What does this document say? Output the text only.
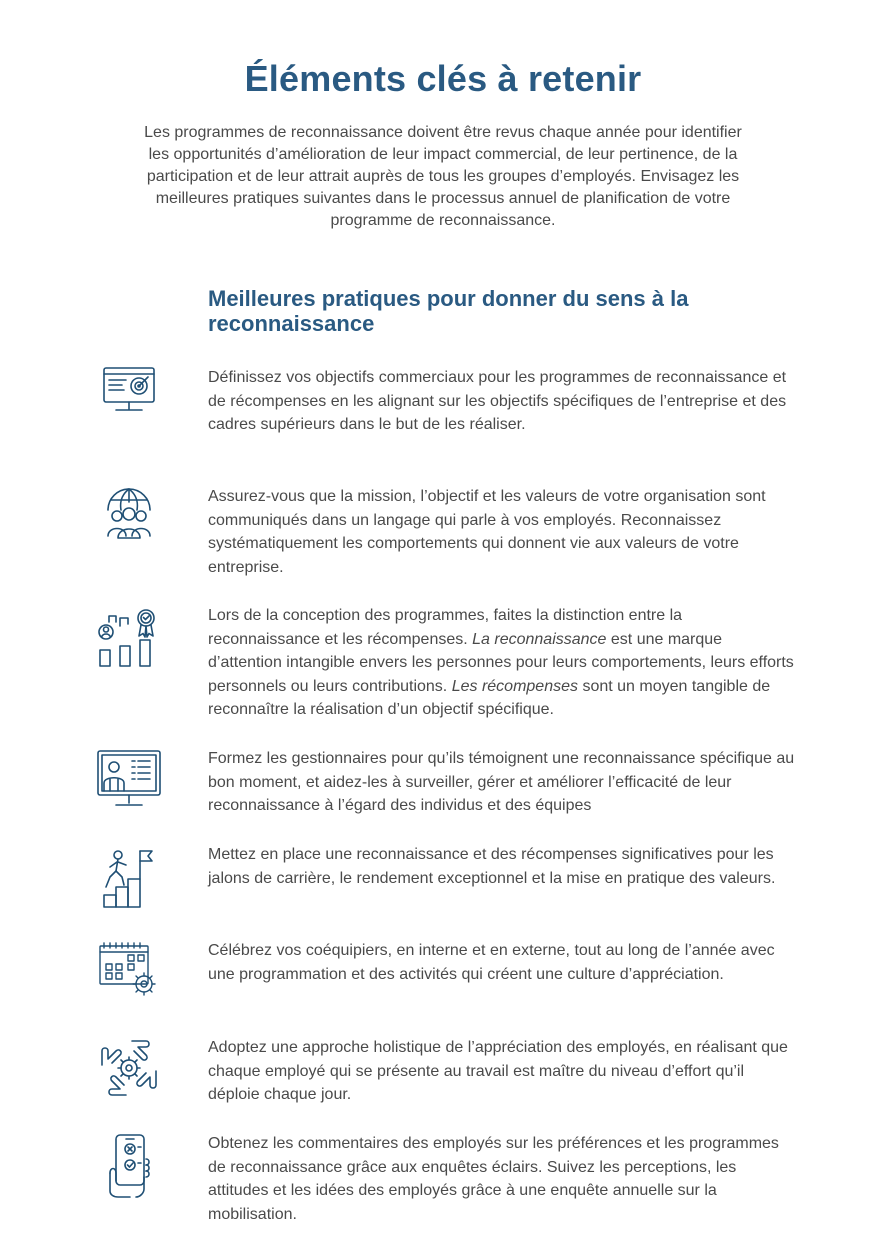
Éléments clés à retenir

Les programmes de reconnaissance doivent être revus chaque année pour identifier les opportunités d’amélioration de leur impact commercial, de leur pertinence, de la participation et de leur attrait auprès de tous les groupes d’employés. Envisagez les meilleures pratiques suivantes dans le processus annuel de planification de votre programme de reconnaissance.

Meilleures pratiques pour donner du sens à la reconnaissance

Définissez vos objectifs commerciaux pour les programmes de reconnaissance et de récompenses en les alignant sur les objectifs spécifiques de l’entreprise et des cadres supérieurs dans le but de les réaliser.

Assurez-vous que la mission, l’objectif et les valeurs de votre organisation sont communiqués dans un langage qui parle à vos employés. Reconnaissez systématiquement les comportements qui donnent vie aux valeurs de votre entreprise.

Lors de la conception des programmes, faites la distinction entre la reconnaissance et les récompenses. La reconnaissance est une marque d’attention intangible envers les personnes pour leurs comportements, leurs efforts personnels ou leurs contributions. Les récompenses sont un moyen tangible de reconnaître la réalisation d’un objectif spécifique.

Formez les gestionnaires pour qu’ils témoignent une reconnaissance spécifique au bon moment, et aidez-les à surveiller, gérer et améliorer l’efficacité de leur reconnaissance à l’égard des individus et des équipes

Mettez en place une reconnaissance et des récompenses significatives pour les jalons de carrière, le rendement exceptionnel et la mise en pratique des valeurs.

Célébrez vos coéquipiers, en interne et en externe, tout au long de l’année avec une programmation et des activités qui créent une culture d’appréciation.

Adoptez une approche holistique de l’appréciation des employés, en réalisant que chaque employé qui se présente au travail est maître du niveau d’effort qu’il déploie chaque jour.

Obtenez les commentaires des employés sur les préférences et les programmes de reconnaissance grâce aux enquêtes éclairs. Suivez les perceptions, les attitudes et les idées des employés grâce à une enquête annuelle sur la mobilisation.
